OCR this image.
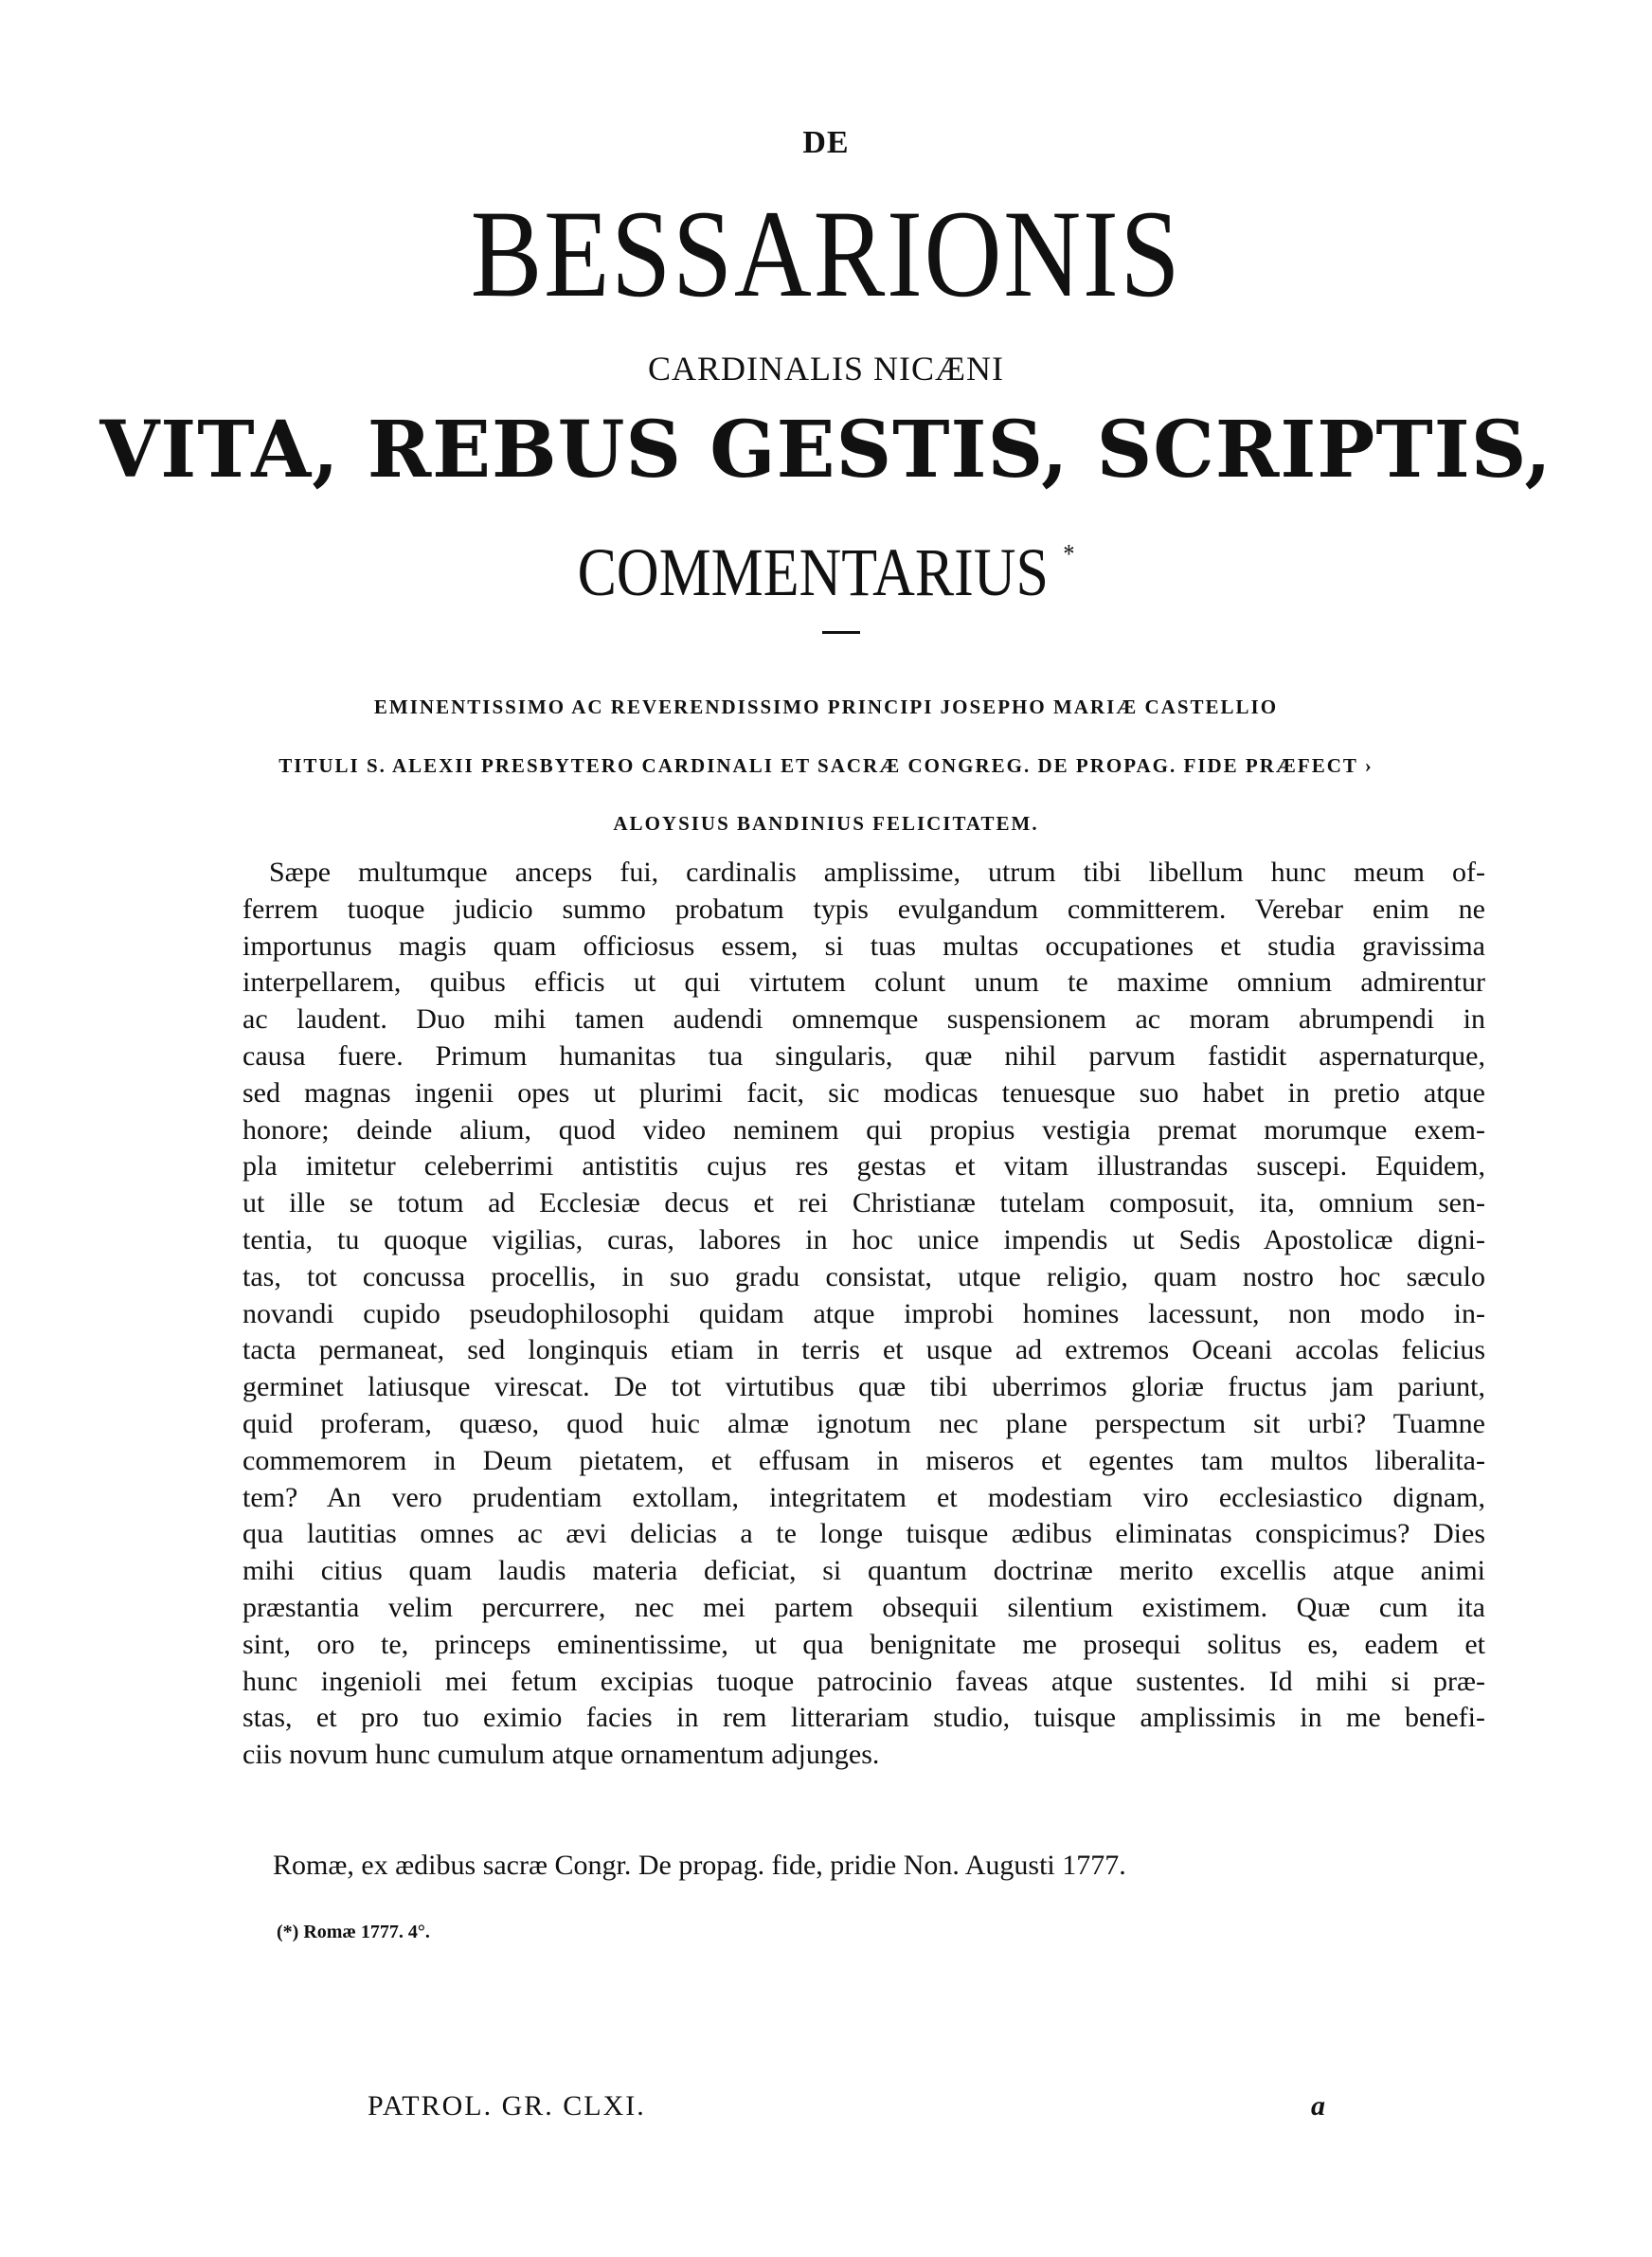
DE
BESSARIONIS
CARDINALIS NICÆNI
VITA, REBUS GESTIS, SCRIPTIS,
COMMENTARIUS *
EMINENTISSIMO AC REVERENDISSIMO PRINCIPI JOSEPHO MARIÆ CASTELLIO
TITULI S. ALEXII PRESBYTERO CARDINALI ET SACRÆ CONGREG. DE PROPAG. FIDE PRÆFECT ›
ALOYSIUS BANDINIUS FELICITATEM.
Sæpe multumque anceps fui, cardinalis amplissime, utrum tibi libellum hunc meum of-
ferrem tuoque judicio summo probatum typis evulgandum committerem. Verebar enim ne
importunus magis quam officiosus essem, si tuas multas occupationes et studia gravissima
interpellarem, quibus efficis ut qui virtutem colunt unum te maxime omnium admirentur
ac laudent. Duo mihi tamen audendi omnemque suspensionem ac moram abrumpendi in
causa fuere. Primum humanitas tua singularis, quæ nihil parvum fastidit aspernaturque,
sed magnas ingenii opes ut plurimi facit, sic modicas tenuesque suo habet in pretio atque
honore; deinde alium, quod video neminem qui propius vestigia premat morumque exem-
pla imitetur celeberrimi antistitis cujus res gestas et vitam illustrandas suscepi. Equidem,
ut ille se totum ad Ecclesiæ decus et rei Christianæ tutelam composuit, ita, omnium sen-
tentia, tu quoque vigilias, curas, labores in hoc unice impendis ut Sedis Apostolicæ digni-
tas, tot concussa procellis, in suo gradu consistat, utque religio, quam nostro hoc sæculo
novandi cupido pseudophilosophi quidam atque improbi homines lacessunt, non modo in-
tacta permaneat, sed longinquis etiam in terris et usque ad extremos Oceani accolas felicius
germinet latiusque virescat. De tot virtutibus quæ tibi uberrimos gloriæ fructus jam pariunt,
quid proferam, quæso, quod huic almæ ignotum nec plane perspectum sit urbi? Tuamne
commemorem in Deum pietatem, et effusam in miseros et egentes tam multos liberalita-
tem? An vero prudentiam extollam, integritatem et modestiam viro ecclesiastico dignam,
qua lautitias omnes ac ævi delicias a te longe tuisque ædibus eliminatas conspicimus? Dies
mihi citius quam laudis materia deficiat, si quantum doctrinæ merito excellis atque animi
præstantia velim percurrere, nec mei partem obsequii silentium existimem. Quæ cum ita
sint, oro te, princeps eminentissime, ut qua benignitate me prosequi solitus es, eadem et
hunc ingenioli mei fetum excipias tuoque patrocinio faveas atque sustentes. Id mihi si præ-
stas, et pro tuo eximio facies in rem litterariam studio, tuisque amplissimis in me benefi-
ciis novum hunc cumulum atque ornamentum adjunges.
Romæ, ex ædibus sacræ Congr. De propag. fide, pridie Non. Augusti 1777.
(*) Romæ 1777. 4°.
PATROL. GR. CLXI.	a
